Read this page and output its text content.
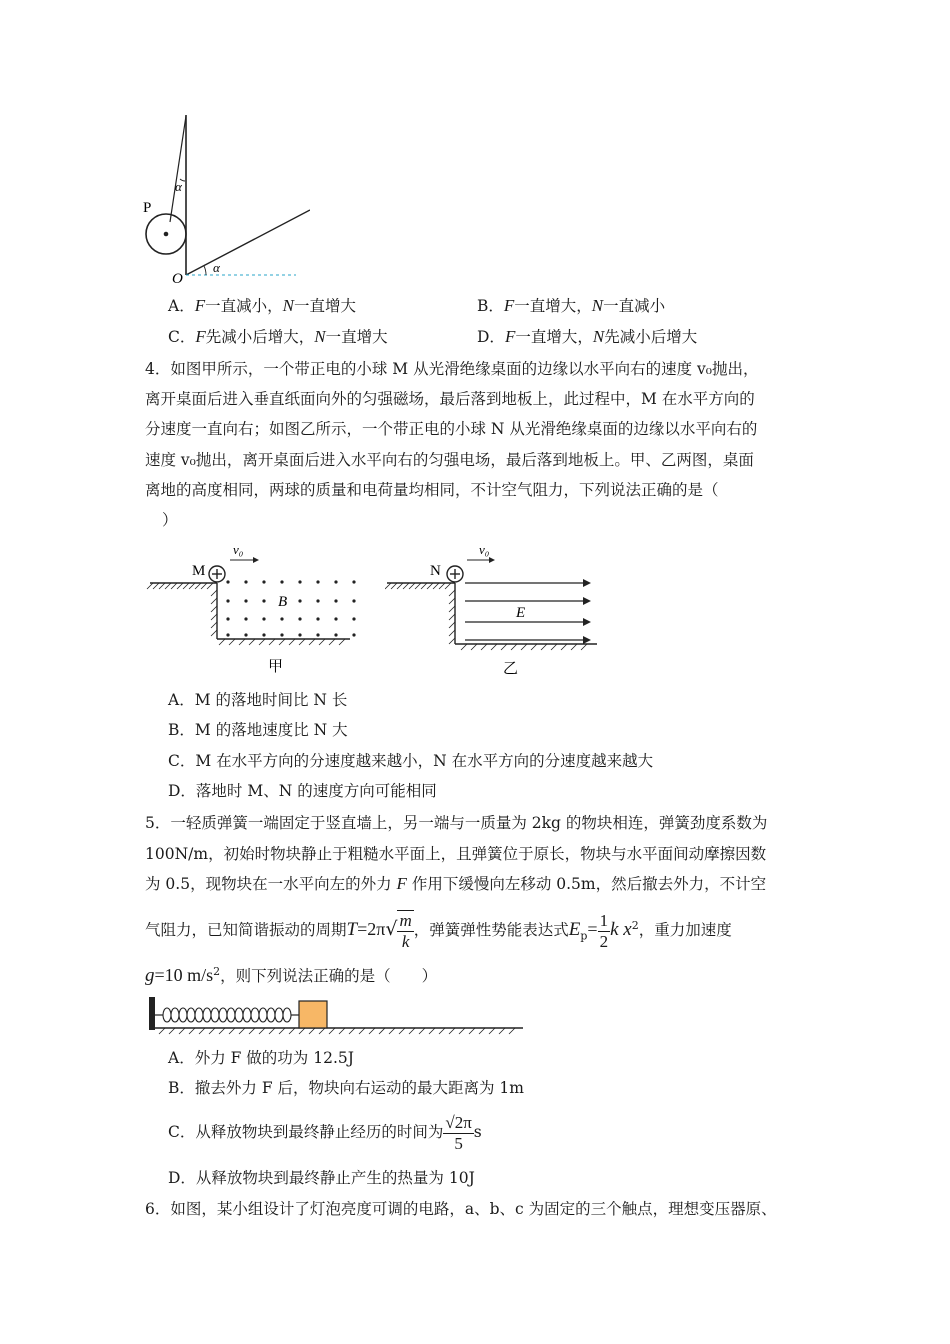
α
P
O
α
A．F一直减小，N一直增大	B．F一直增大，N一直减小
C．F先减小后增大，N一直增大	D．F一直增大，N先减小后增大
4．如图甲所示，一个带正电的小球 M 从光滑绝缘桌面的边缘以水平向右的速度 v₀抛出，
离开桌面后进入垂直纸面向外的匀强磁场，最后落到地板上，此过程中，M 在水平方向的
分速度一直向右；如图乙所示，一个带正电的小球 N 从光滑绝缘桌面的边缘以水平向右的
速度 v₀抛出，离开桌面后进入水平向右的匀强电场，最后落到地板上。甲、乙两图，桌面
离地的高度相同，两球的质量和电荷量均相同，不计空气阻力，下列说法正确的是（
）
M
v₀
B
甲
N
v₀
E
乙
A．M 的落地时间比 N 长
B．M 的落地速度比 N 大
C．M 在水平方向的分速度越来越小，N 在水平方向的分速度越来越大
D．落地时 M、N 的速度方向可能相同
5．一轻质弹簧一端固定于竖直墙上，另一端与一质量为 2kg 的物块相连，弹簧劲度系数为
100N/m，初始时物块静止于粗糙水平面上，且弹簧位于原长，物块与水平面间动摩擦因数
为 0.5，现物块在一水平向左的外力 F 作用下缓慢向左移动 0.5m，然后撤去外力，不计空
气阻力，已知简谐振动的周期$T=2\pi√ \frac{m}{k}$ ，弹簧弹性势能表达式$E_p= \frac{1}{2}$ k $x^2$，重力加速度
g=10 $m/s^2$，则下列说法正确的是（　　）
A．外力 F 做的功为 12.5J
B．撤去外力 F 后，物块向右运动的最大距离为 1m
C．从释放物块到最终静止经历的时间为 $\frac{√2\pi}{5}$ s
D．从释放物块到最终静止产生的热量为 10J
6．如图，某小组设计了灯泡亮度可调的电路，a、b、c 为固定的三个触点，理想变压器原、
